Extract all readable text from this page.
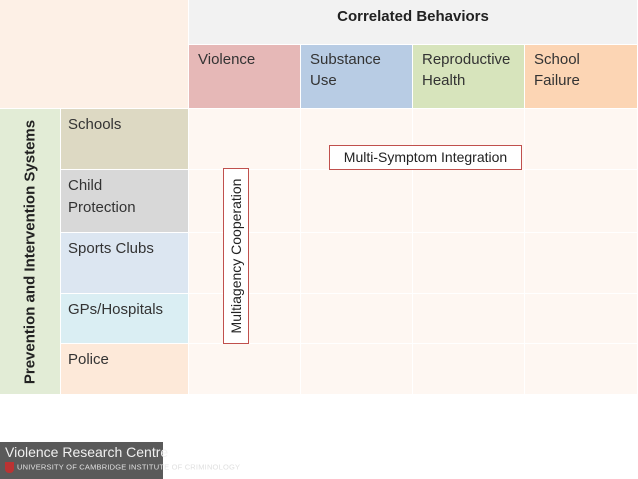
Correlated Behaviors
Violence	Substance Use
Reproductive Health
School Failure
Prevention and Intervention Systems	Schools
Child Protection
Sports Clubs
GPs/Hospitals
Police
Multi-Symptom Integration
Multiagency Cooperation
Violence Research Centre
UNIVERSITY OF CAMBRIDGE INSTITUTE OF CRIMINOLOGY
